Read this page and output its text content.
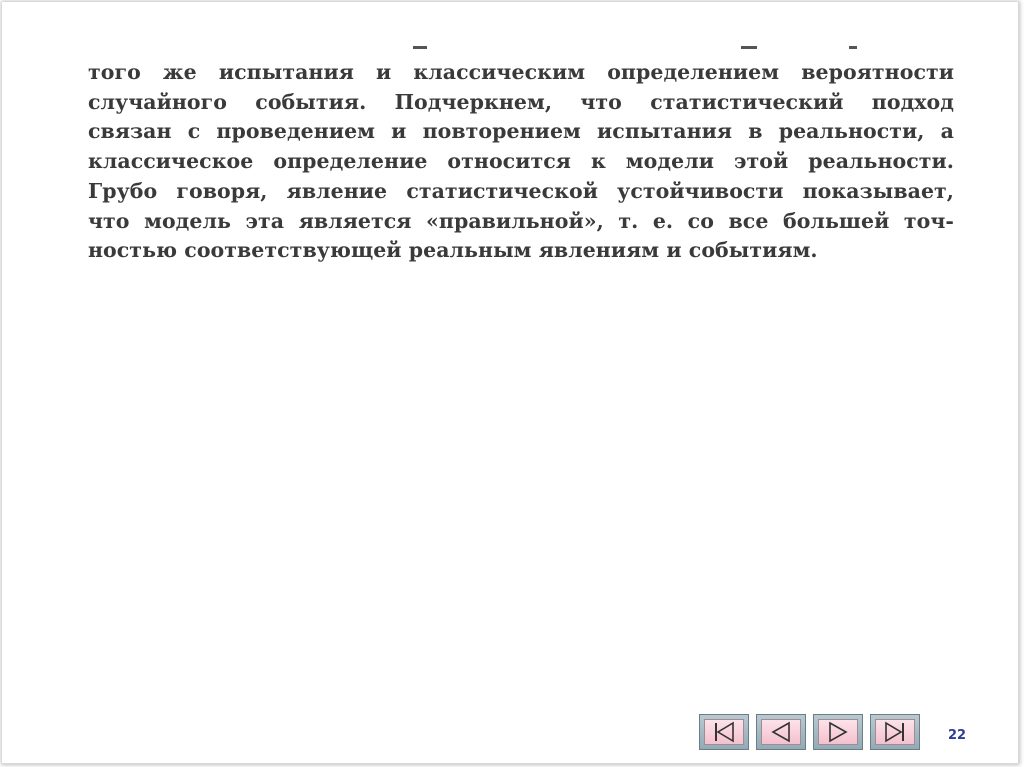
того же испытания и классическим определением вероятности
случайного события. Подчеркнем, что статистический подход
связан с проведением и повторением испытания в реальности, а
классическое определение относится к модели этой реальности.
Грубо говоря, явление статистической устойчивости показывает,
что модель эта является «правильной», т. е. со все большей точ-
ностью соответствующей реальным явлениям и событиям.

22
